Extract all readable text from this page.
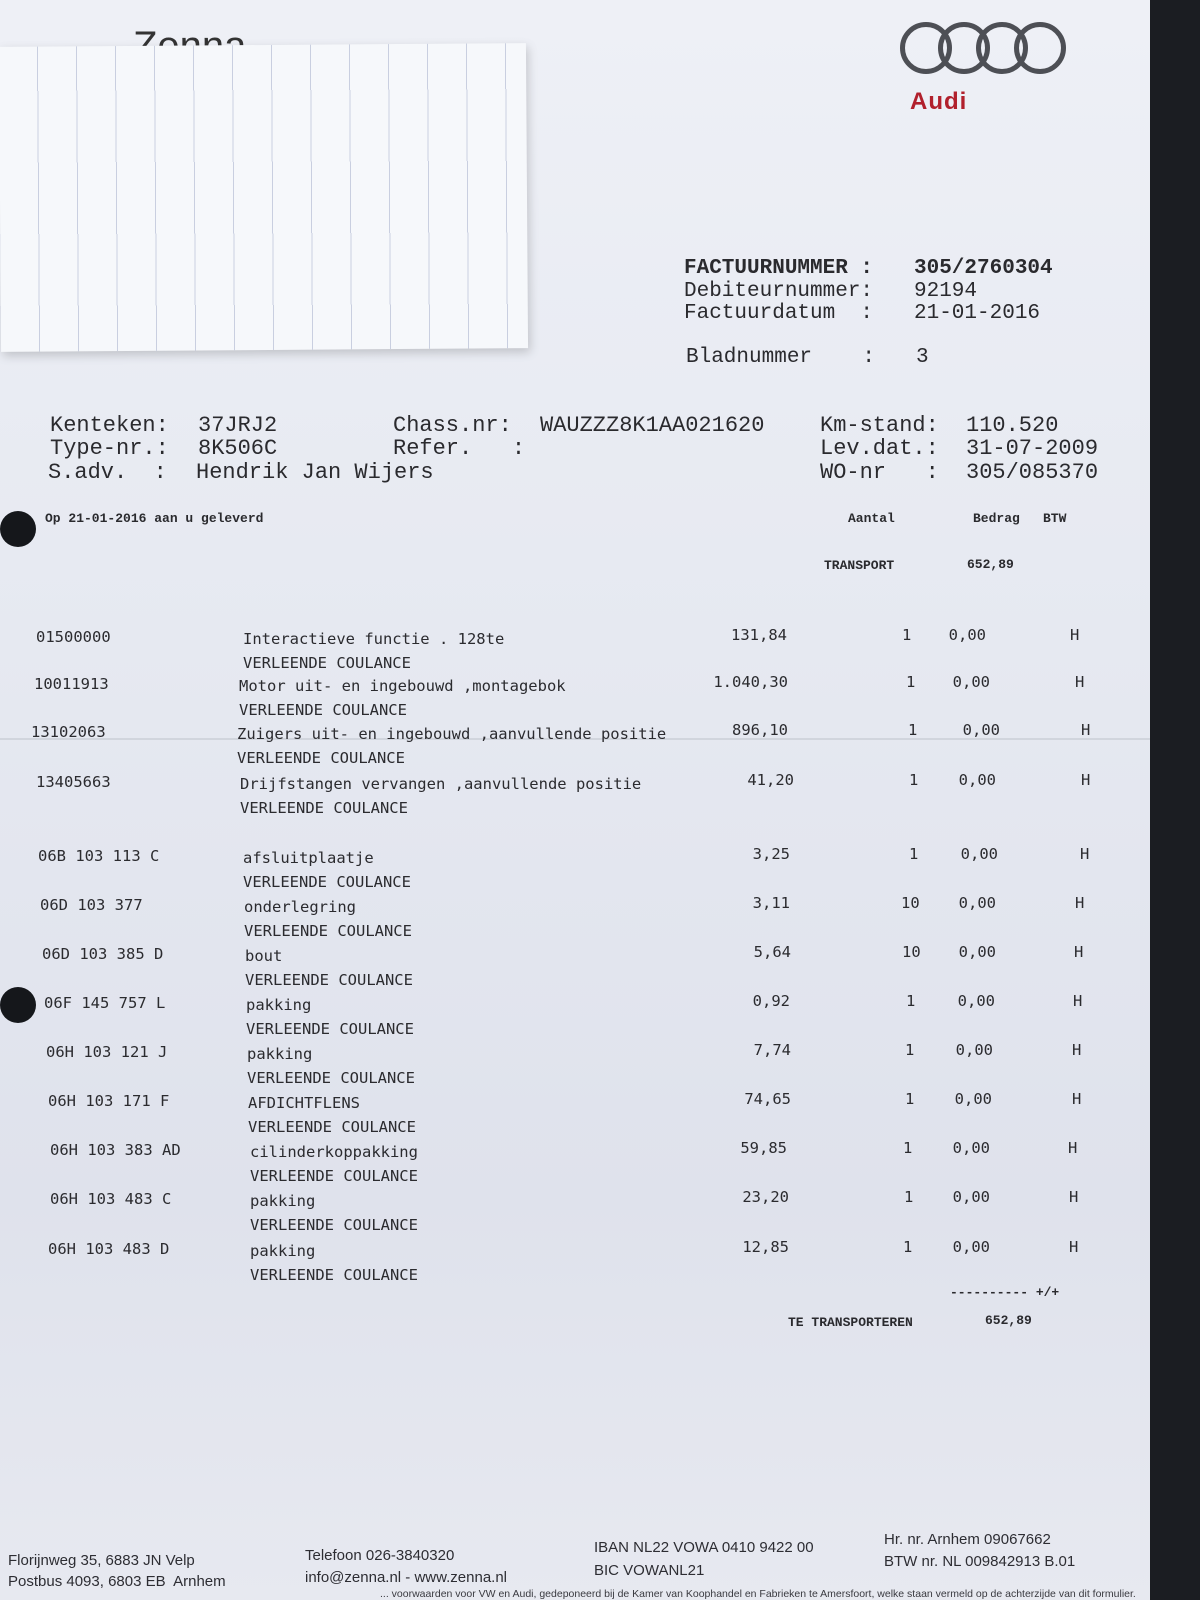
Audi
FACTUURNUMMER : 305/2760304
Debiteurnummer: 92194
Factuurdatum  : 21-01-2016
Bladnummer    : 3
Kenteken: 37JRJ2
Type-nr.: 8K506C
S.adv.  : Hendrik Jan Wijers
Chass.nr: WAUZZZ8K1AA021620
Refer.   :
Km-stand: 110.520
Lev.dat.: 31-07-2009
WO-nr   : 305/085370
Op 21-01-2016 aan u geleverd	Aantal	Bedrag BTW
TRANSPORT	652,89
01500000	Interactieve functie . 128te
VERLEENDE COULANCE
131,84	1 0,00	H
10011913	Motor uit- en ingebouwd ,montagebok
VERLEENDE COULANCE
1.040,30	1 0,00	H
13102063	Zuigers uit- en ingebouwd ,aanvullende positie
VERLEENDE COULANCE
896,10	1	0,00	H
13405663	Drijfstangen vervangen ,aanvullende positie
VERLEENDE COULANCE
41,20	1	0,00	H
06B 103 113 C	afsluitplaatje
VERLEENDE COULANCE
3,25	1	0,00	H
06D 103 377	onderlegring
VERLEENDE COULANCE
3,11	10	0,00	H
06D 103 385 D	bout
VERLEENDE COULANCE
5,64	10 0,00	H
06F 145 757 L	pakking
VERLEENDE COULANCE
0,92	1	0,00	H
06H 103 121 J	pakking
VERLEENDE COULANCE
7,74	1	0,00	H
06H 103 171 F	AFDICHTFLENS
VERLEENDE COULANCE
74,65	1	0,00	H
06H 103 383 AD	cilinderkoppakking
VERLEENDE COULANCE
59,85	1	0,00	H
06H 103 483 C	pakking
VERLEENDE COULANCE
23,20	1	0,00	H
06H 103 483 D	pakking
VERLEENDE COULANCE
12,85	1	0,00	H
---------- +/+
TE TRANSPORTEREN	652,89
Florijnweg 35, 6883 JN Velp
Postbus 4093, 6803 EB  Arnhem
Telefoon 026-3840320
info@zenna.nl - www.zenna.nl
IBAN NL22 VOWA 0410 9422 00
BIC VOWANL21
Hr. nr. Arnhem 09067662
BTW nr. NL 009842913 B.01
... voorwaarden voor VW en Audi, gedeponeerd bij de Kamer van Koophandel en Fabrieken te Amersfoort, welke staan vermeld op de achterzijde van dit formulier.
